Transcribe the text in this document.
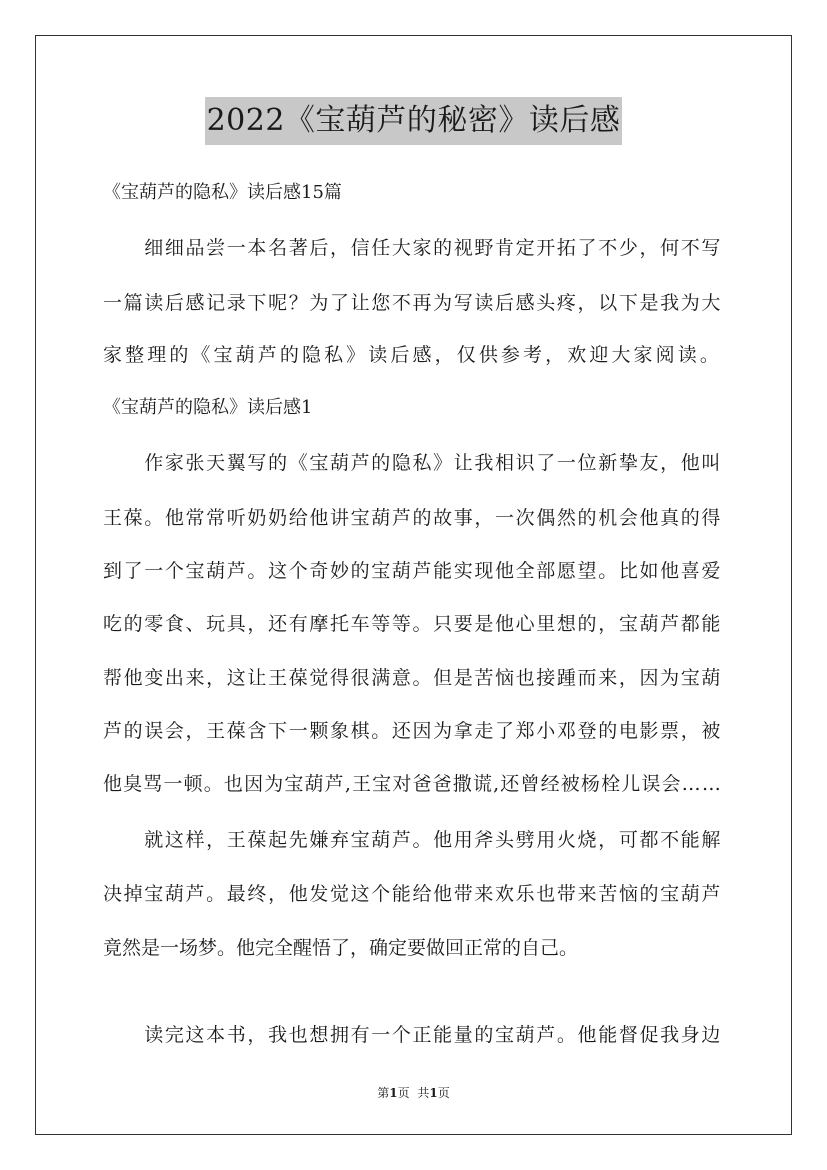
2022《宝葫芦的秘密》读后感
《宝葫芦的隐私》读后感15篇
　　细细品尝一本名著后，信任大家的视野肯定开拓了不少，何不写
一篇读后感记录下呢？为了让您不再为写读后感头疼，以下是我为大
家整理的《宝葫芦的隐私》读后感，仅供参考，欢迎大家阅读。
《宝葫芦的隐私》读后感1
　　作家张天翼写的《宝葫芦的隐私》让我相识了一位新挚友，他叫
王葆。他常常听奶奶给他讲宝葫芦的故事，一次偶然的机会他真的得
到了一个宝葫芦。这个奇妙的宝葫芦能实现他全部愿望。比如他喜爱
吃的零食、玩具，还有摩托车等等。只要是他心里想的，宝葫芦都能
帮他变出来，这让王葆觉得很满意。但是苦恼也接踵而来，因为宝葫
芦的误会，王葆含下一颗象棋。还因为拿走了郑小邓登的电影票，被
他臭骂一顿。也因为宝葫芦,王宝对爸爸撒谎,还曾经被杨栓儿误会……
　　就这样，王葆起先嫌弃宝葫芦。他用斧头劈用火烧，可都不能解
决掉宝葫芦。最终，他发觉这个能给他带来欢乐也带来苦恼的宝葫芦
竟然是一场梦。他完全醒悟了，确定要做回正常的自己。
　　读完这本书，我也想拥有一个正能量的宝葫芦。他能督促我身边
第1页 共1页
